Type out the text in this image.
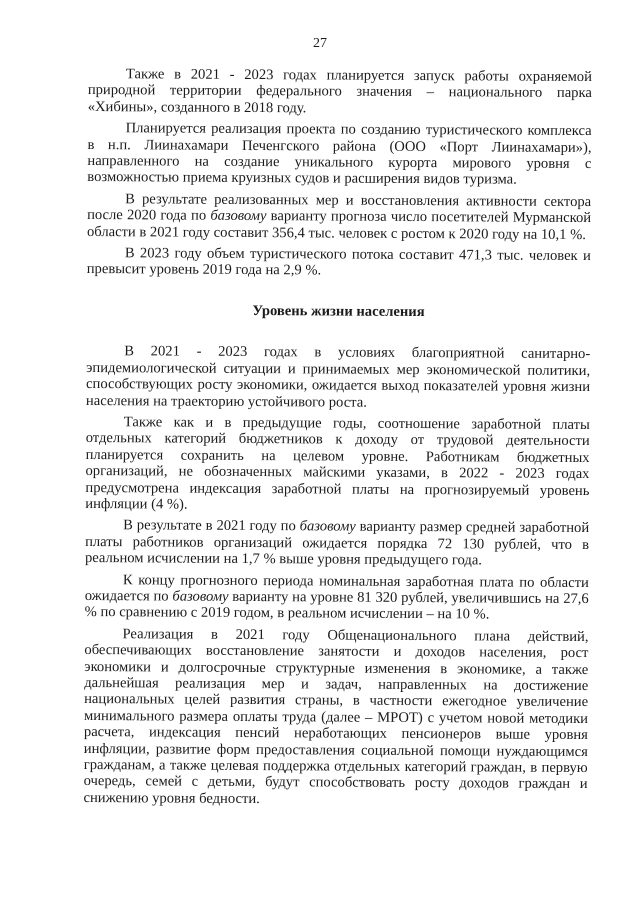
27

Также в 2021 - 2023 годах планируется запуск работы охраняемой природной территории федерального значения – национального парка «Хибины», созданного в 2018 году.

Планируется реализация проекта по созданию туристического комплекса в н.п. Лиинахамари Печенгского района (ООО «Порт Лиинахамари»), направленного на создание уникального курорта мирового уровня с возможностью приема круизных судов и расширения видов туризма.

В результате реализованных мер и восстановления активности сектора после 2020 года по базовому варианту прогноза число посетителей Мурманской области в 2021 году составит 356,4 тыс. человек с ростом к 2020 году на 10,1 %.

В 2023 году объем туристического потока составит 471,3 тыс. человек и превысит уровень 2019 года на 2,9 %.

Уровень жизни населения

В 2021 - 2023 годах в условиях благоприятной санитарно-эпидемиологической ситуации и принимаемых мер экономической политики, способствующих росту экономики, ожидается выход показателей уровня жизни населения на траекторию устойчивого роста.

Также как и в предыдущие годы, соотношение заработной платы отдельных категорий бюджетников к доходу от трудовой деятельности планируется сохранить на целевом уровне. Работникам бюджетных организаций, не обозначенных майскими указами, в 2022 - 2023 годах предусмотрена индексация заработной платы на прогнозируемый уровень инфляции (4 %).

В результате в 2021 году по базовому варианту размер средней заработной платы работников организаций ожидается порядка 72 130 рублей, что в реальном исчислении на 1,7 % выше уровня предыдущего года.

К концу прогнозного периода номинальная заработная плата по области ожидается по базовому варианту на уровне 81 320 рублей, увеличившись на 27,6 % по сравнению с 2019 годом, в реальном исчислении – на 10 %.

Реализация в 2021 году Общенационального плана действий, обеспечивающих восстановление занятости и доходов населения, рост экономики и долгосрочные структурные изменения в экономике, а также дальнейшая реализация мер и задач, направленных на достижение национальных целей развития страны, в частности ежегодное увеличение минимального размера оплаты труда (далее – МРОТ) с учетом новой методики расчета, индексация пенсий неработающих пенсионеров выше уровня инфляции, развитие форм предоставления социальной помощи нуждающимся гражданам, а также целевая поддержка отдельных категорий граждан, в первую очередь, семей с детьми, будут способствовать росту доходов граждан и снижению уровня бедности.
